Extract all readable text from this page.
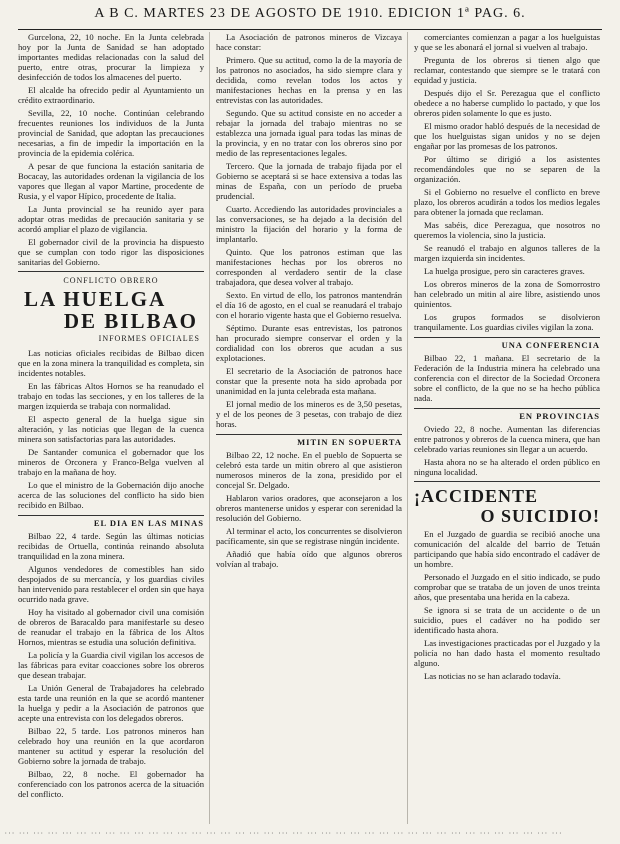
A B C. MARTES 23 DE AGOSTO DE 1910. EDICION 1ª PAG. 6.

Gurcelona, 22, 10 noche. En la Junta celebrada hoy por la Junta de Sanidad se han adoptado importantes medidas relacionadas con la salud del puerto, entre otras, procurar la limpieza y desinfección de todos los almacenes del puerto.

El alcalde ha ofrecido pedir al Ayuntamiento un crédito extraordinario.

Sevilla, 22, 10 noche. Continúan celebrando frecuentes reuniones los individuos de la Junta provincial de Sanidad, que adoptan las precauciones necesarias, a fin de impedir la importación en la provincia de la epidemia colérica.

A pesar de que funciona la estación sanitaria de Bocacay, las autoridades ordenan la vigilancia de los vapores que llegan al vapor Martine, procedente de Rusia, y el vapor Hípico, procedente de Italia.

La Junta provincial se ha reunido ayer para adoptar otras medidas de precaución sanitaria y se acordó ampliar el plazo de vigilancia.

El gobernador civil de la provincia ha dispuesto que se cumplan con todo rigor las disposiciones sanitarias del Gobierno.

CONFLICTO OBRERO
LA HUELGA
DE BILBAO
INFORMES OFICIALES

Las noticias oficiales recibidas de Bilbao dicen que en la zona minera la tranquilidad es completa, sin incidentes notables.

En las fábricas Altos Hornos se ha reanudado el trabajo en todas las secciones, y en los talleres de la margen izquierda se trabaja con normalidad.

El aspecto general de la huelga sigue sin alteración, y las noticias que llegan de la cuenca minera son satisfactorias para las autoridades.

De Santander comunica el gobernador que los mineros de Orconera y Franco-Belga vuelven al trabajo en la mañana de hoy.

Lo que el ministro de la Gobernación dijo anoche acerca de las soluciones del conflicto ha sido bien recibido en Bilbao.

EL DIA EN LAS MINAS

Bilbao 22, 4 tarde. Según las últimas noticias recibidas de Ortuella, continúa reinando absoluta tranquilidad en la zona minera.

Algunos vendedores de comestibles han sido despojados de su mercancía, y los guardias civiles han intervenido para restablecer el orden sin que haya ocurrido nada grave.

Hoy ha visitado al gobernador civil una comisión de obreros de Baracaldo para manifestarle su deseo de reanudar el trabajo en la fábrica de los Altos Hornos, mientras se estudia una solución definitiva.

La policía y la Guardia civil vigilan los accesos de las fábricas para evitar coacciones sobre los obreros que desean trabajar.

La Unión General de Trabajadores ha celebrado esta tarde una reunión en la que se acordó mantener la huelga y pedir a la Asociación de patronos que acepte una entrevista con los delegados obreros.

Bilbao 22, 5 tarde. Los patronos mineros han celebrado hoy una reunión en la que acordaron mantener su actitud y esperar la resolución del Gobierno sobre la jornada de trabajo.

Bilbao, 22, 8 noche. El gobernador ha conferenciado con los patronos acerca de la situación del conflicto.

La Asociación de patronos mineros de Vizcaya hace constar:

Primero. Que su actitud, como la de la mayoría de los patronos no asociados, ha sido siempre clara y decidida, como revelan todos los actos y manifestaciones hechas en la prensa y en las entrevistas con las autoridades.

Segundo. Que su actitud consiste en no acceder a rebajar la jornada del trabajo mientras no se establezca una jornada igual para todas las minas de la provincia, y en no tratar con los obreros sino por medio de las representaciones legales.

Tercero. Que la jornada de trabajo fijada por el Gobierno se aceptará si se hace extensiva a todas las minas de España, con un período de prueba prudencial.

Cuarto. Accediendo las autoridades provinciales a las conversaciones, se ha dejado a la decisión del ministro la fijación del horario y la forma de implantarlo.

Quinto. Que los patronos estiman que las manifestaciones hechas por los obreros no corresponden al verdadero sentir de la clase trabajadora, que desea volver al trabajo.

Sexto. En virtud de ello, los patronos mantendrán el día 16 de agosto, en el cual se reanudará el trabajo con el horario vigente hasta que el Gobierno resuelva.

Séptimo. Durante esas entrevistas, los patronos han procurado siempre conservar el orden y la cordialidad con los obreros que acudan a sus explotaciones.

El secretario de la Asociación de patronos hace constar que la presente nota ha sido aprobada por unanimidad en la junta celebrada esta mañana.

El jornal medio de los mineros es de 3,50 pesetas, y el de los peones de 3 pesetas, con trabajo de diez horas.

MITIN EN SOPUERTA

Bilbao 22, 12 noche. En el pueblo de Sopuerta se celebró esta tarde un mitin obrero al que asistieron numerosos mineros de la zona, presidido por el concejal Sr. Delgado.

Hablaron varios oradores, que aconsejaron a los obreros mantenerse unidos y esperar con serenidad la resolución del Gobierno.

Al terminar el acto, los concurrentes se disolvieron pacíficamente, sin que se registrase ningún incidente.

Añadió que había oído que algunos obreros volvían al trabajo.

comerciantes comienzan a pagar a los huelguistas y que se les abonará el jornal si vuelven al trabajo.

Pregunta de los obreros si tienen algo que reclamar, contestando que siempre se le tratará con equidad y justicia.

Después dijo el Sr. Perezagua que el conflicto obedece a no haberse cumplido lo pactado, y que los obreros piden solamente lo que es justo.

El mismo orador habló después de la necesidad de que los huelguistas sigan unidos y no se dejen engañar por las promesas de los patronos.

Por último se dirigió a los asistentes recomendándoles que no se separen de la organización.

Si el Gobierno no resuelve el conflicto en breve plazo, los obreros acudirán a todos los medios legales para obtener la jornada que reclaman.

Mas sabéis, dice Perezagua, que nosotros no queremos la violencia, sino la justicia.

Se reanudó el trabajo en algunos talleres de la margen izquierda sin incidentes.

La huelga prosigue, pero sin caracteres graves.

Los obreros mineros de la zona de Somorrostro han celebrado un mitin al aire libre, asistiendo unos quinientos.

Los grupos formados se disolvieron tranquilamente. Los guardias civiles vigilan la zona.

UNA CONFERENCIA

Bilbao 22, 1 mañana. El secretario de la Federación de la Industria minera ha celebrado una conferencia con el director de la Sociedad Orconera sobre el conflicto, de la que no se ha hecho pública nada.

EN PROVINCIAS

Oviedo 22, 8 noche. Aumentan las diferencias entre patronos y obreros de la cuenca minera, que han celebrado varias reuniones sin llegar a un acuerdo.

Hasta ahora no se ha alterado el orden público en ninguna localidad.

¡ACCIDENTE
O SUICIDIO!

En el Juzgado de guardia se recibió anoche una comunicación del alcalde del barrio de Tetuán participando que había sido encontrado el cadáver de un hombre.

Personado el Juzgado en el sitio indicado, se pudo comprobar que se trataba de un joven de unos treinta años, que presentaba una herida en la cabeza.

Se ignora si se trata de un accidente o de un suicidio, pues el cadáver no ha podido ser identificado hasta ahora.

Las investigaciones practicadas por el Juzgado y la policía no han dado hasta el momento resultado alguno.

Las noticias no se han aclarado todavía.

··· ··· ··· ··· ··· ··· ··· ··· ··· ··· ··· ··· ··· ··· ··· ··· ··· ··· ··· ··· ··· ··· ··· ··· ··· ··· ··· ··· ··· ··· ··· ··· ··· ··· ··· ··· ··· ··· ···
